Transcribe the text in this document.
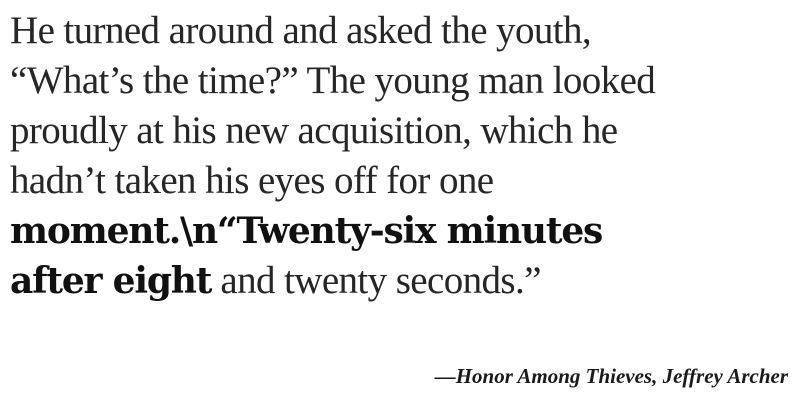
He turned around and asked the youth,
“What’s the time?” The young man looked
proudly at his new acquisition, which he
hadn’t taken his eyes off for one
moment.\n“Twenty-six minutes
after eight and twenty seconds.”
—Honor Among Thieves, Jeffrey Archer
